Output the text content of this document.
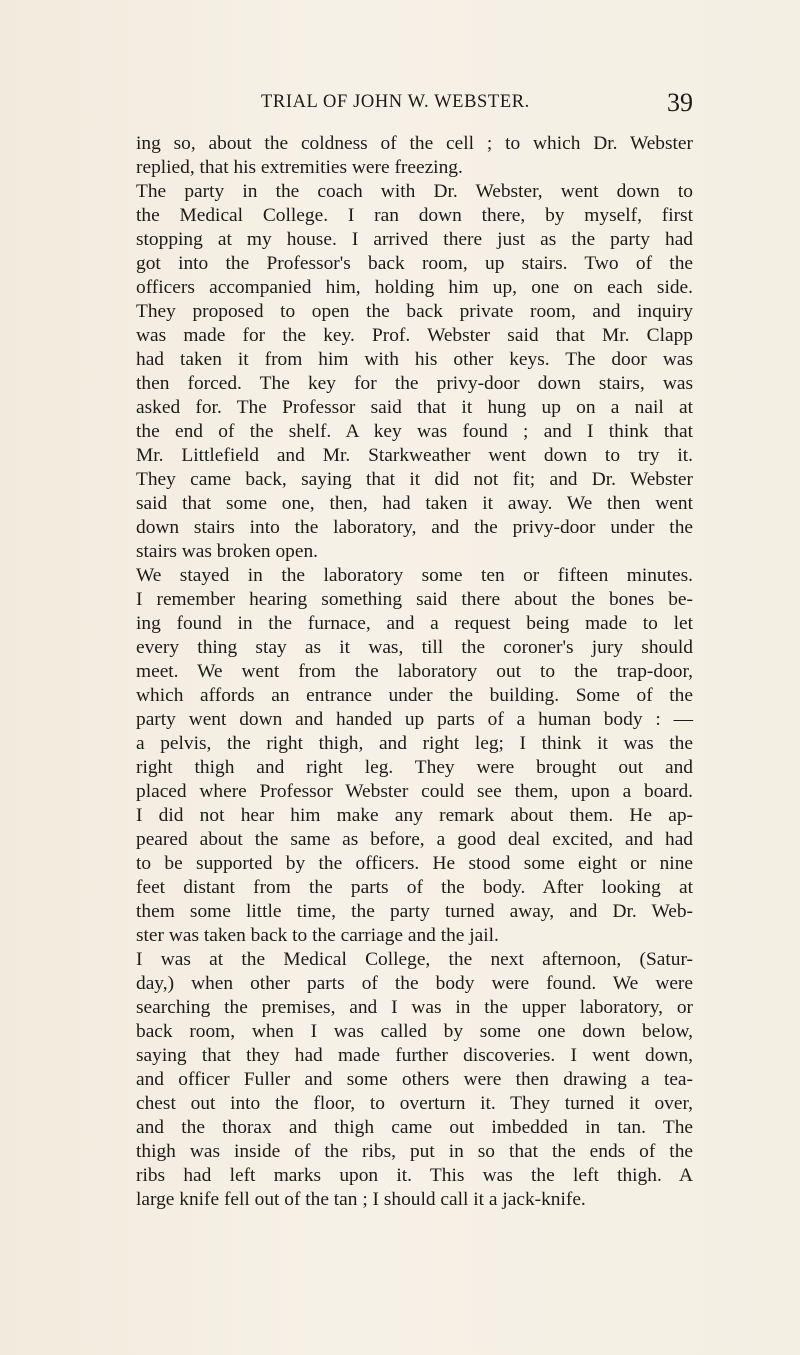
TRIAL OF JOHN W. WEBSTER.	39
ing so, about the coldness of the cell ; to which Dr. Webster
replied, that his extremities were freezing.
The party in the coach with Dr. Webster, went down to
the Medical College. I ran down there, by myself, first
stopping at my house. I arrived there just as the party had
got into the Professor's back room, up stairs. Two of the
officers accompanied him, holding him up, one on each side.
They proposed to open the back private room, and inquiry
was made for the key. Prof. Webster said that Mr. Clapp
had taken it from him with his other keys. The door was
then forced. The key for the privy-door down stairs, was
asked for. The Professor said that it hung up on a nail at
the end of the shelf. A key was found ; and I think that
Mr. Littlefield and Mr. Starkweather went down to try it.
They came back, saying that it did not fit; and Dr. Webster
said that some one, then, had taken it away. We then went
down stairs into the laboratory, and the privy-door under the
stairs was broken open.
We stayed in the laboratory some ten or fifteen minutes.
I remember hearing something said there about the bones be-
ing found in the furnace, and a request being made to let
every thing stay as it was, till the coroner's jury should
meet. We went from the laboratory out to the trap-door,
which affords an entrance under the building. Some of the
party went down and handed up parts of a human body : —
a pelvis, the right thigh, and right leg; I think it was the
right thigh and right leg. They were brought out and
placed where Professor Webster could see them, upon a board.
I did not hear him make any remark about them. He ap-
peared about the same as before, a good deal excited, and had
to be supported by the officers. He stood some eight or nine
feet distant from the parts of the body. After looking at
them some little time, the party turned away, and Dr. Web-
ster was taken back to the carriage and the jail.
I was at the Medical College, the next afternoon, (Satur-
day,) when other parts of the body were found. We were
searching the premises, and I was in the upper laboratory, or
back room, when I was called by some one down below,
saying that they had made further discoveries. I went down,
and officer Fuller and some others were then drawing a tea-
chest out into the floor, to overturn it. They turned it over,
and the thorax and thigh came out imbedded in tan. The
thigh was inside of the ribs, put in so that the ends of the
ribs had left marks upon it. This was the left thigh. A
large knife fell out of the tan ; I should call it a jack-knife.
